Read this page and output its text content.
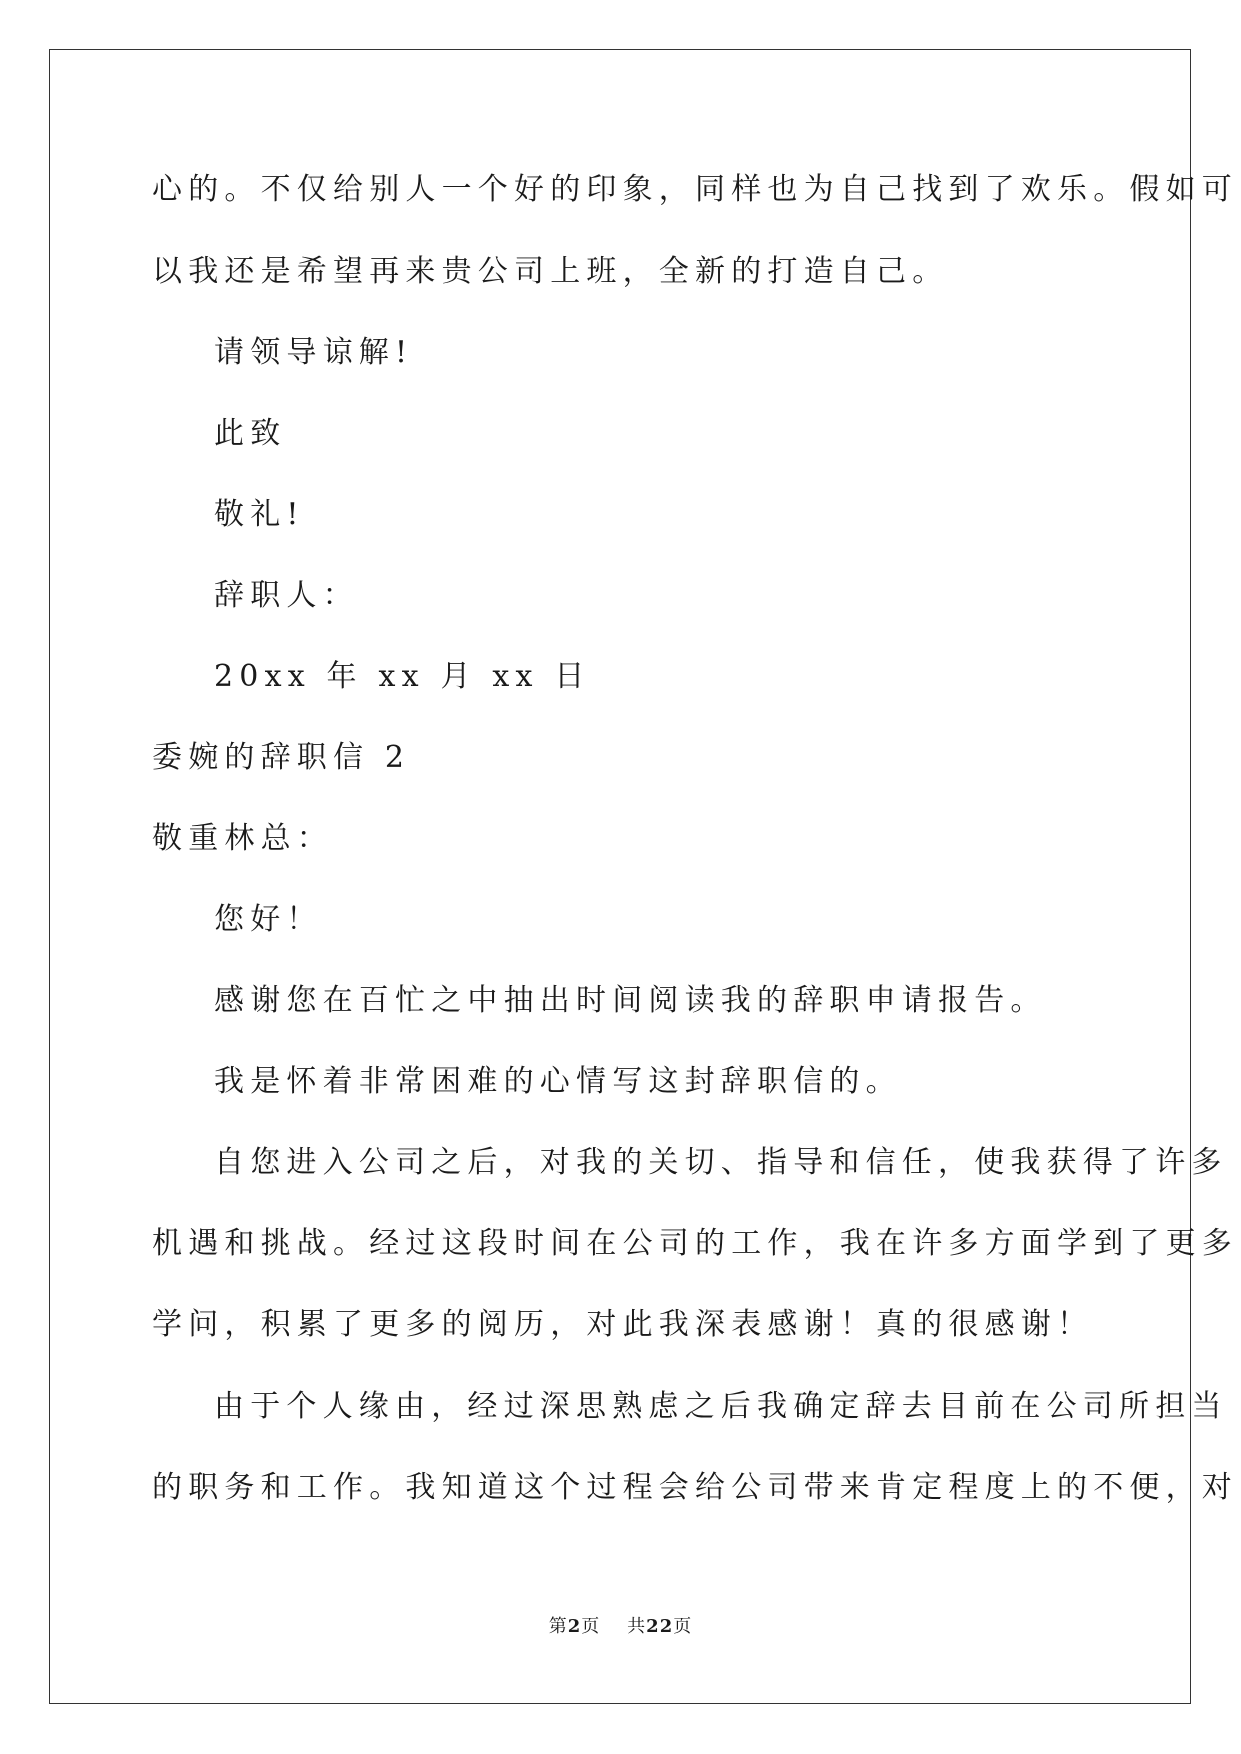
心的。不仅给别人一个好的印象，同样也为自己找到了欢乐。假如可
以我还是希望再来贵公司上班，全新的打造自己。
请领导谅解!
此致
敬礼!
辞职人：
20xx 年 xx 月 xx 日
委婉的辞职信 2
敬重林总：
您好！
感谢您在百忙之中抽出时间阅读我的辞职申请报告。
我是怀着非常困难的心情写这封辞职信的。
自您进入公司之后，对我的关切、指导和信任，使我获得了许多
机遇和挑战。经过这段时间在公司的工作，我在许多方面学到了更多
学问，积累了更多的阅历，对此我深表感谢！真的很感谢！
由于个人缘由，经过深思熟虑之后我确定辞去目前在公司所担当
的职务和工作。我知道这个过程会给公司带来肯定程度上的不便，对
第2页 共22页
